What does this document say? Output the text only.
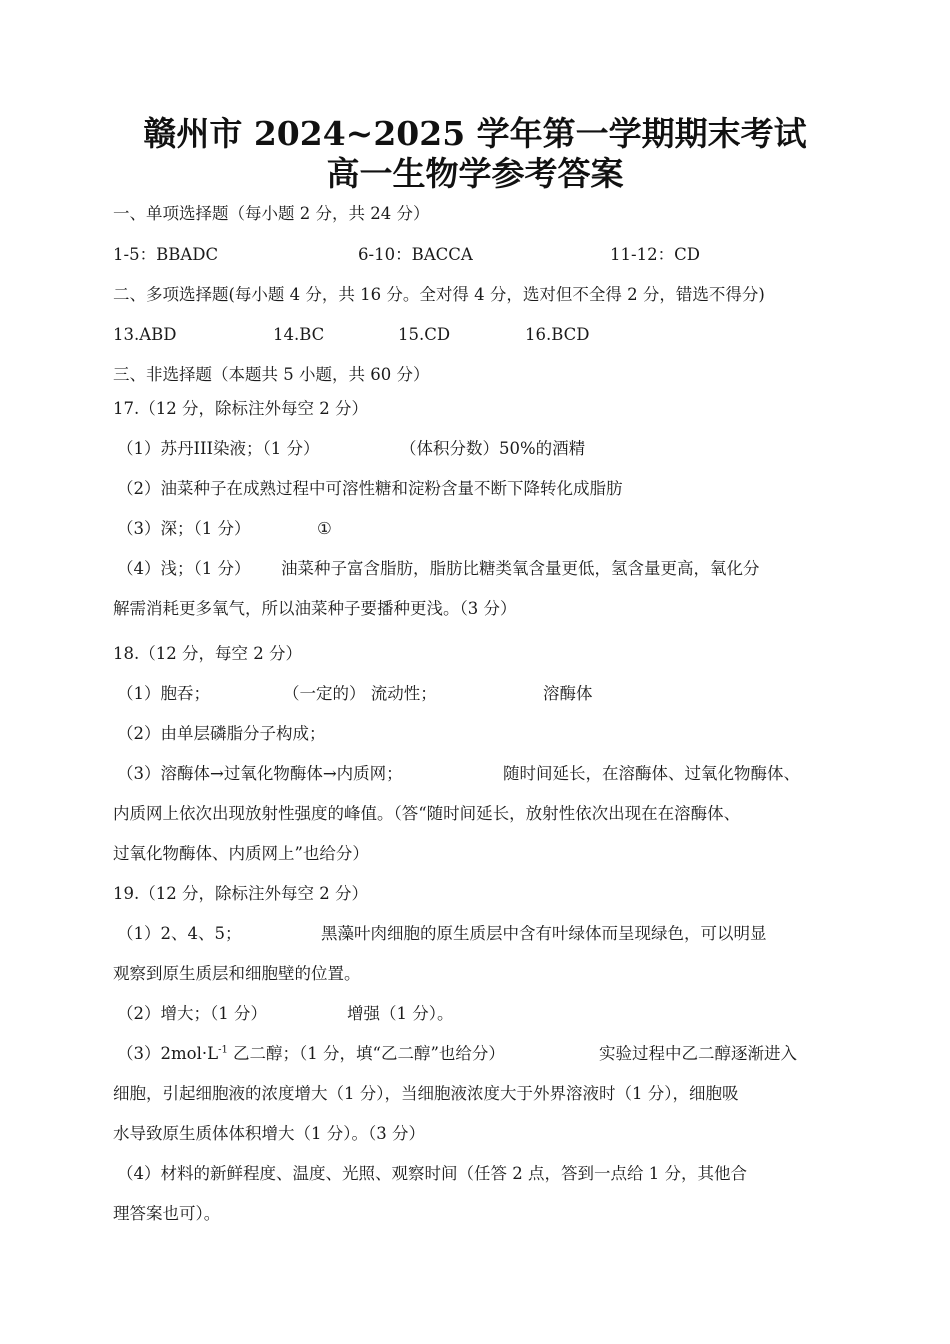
赣州市 2024~2025 学年第一学期期末考试
高一生物学参考答案
一、单项选择题（每小题 2 分，共 24 分）
1-5：BBADC	6-10：BACCA	11-12：CD
二、多项选择题(每小题 4 分，共 16 分。全对得 4 分，选对但不全得 2 分，错选不得分)
13.ABD	14.BC	15.CD	16.BCD
三、非选择题（本题共 5 小题，共 60 分）
17.（12 分，除标注外每空 2 分）
（1）苏丹III染液；（1 分）	（体积分数）50%的酒精
（2）油菜种子在成熟过程中可溶性糖和淀粉含量不断下降转化成脂肪
（3）深；（1 分）	①
（4）浅；（1 分） 油菜种子富含脂肪，脂肪比糖类氧含量更低，氢含量更高，氧化分
解需消耗更多氧气，所以油菜种子要播种更浅。（3 分）
18.（12 分，每空 2 分）
（1）胞吞；	（一定的） 流动性；	溶酶体
（2）由单层磷脂分子构成；
（3）溶酶体→过氧化物酶体→内质网；	随时间延长，在溶酶体、过氧化物酶体、
内质网上依次出现放射性强度的峰值。（答“随时间延长，放射性依次出现在在溶酶体、
过氧化物酶体、内质网上”也给分）
19.（12 分，除标注外每空 2 分）
（1）2、4、5；	黑藻叶肉细胞的原生质层中含有叶绿体而呈现绿色，可以明显
观察到原生质层和细胞壁的位置。
（2）增大；（1 分）	增强（1 分）。
$(3)2mol\cdot L^{-1}$ 乙二醇；（1 分，填“乙二醇”也给分）	实验过程中乙二醇逐渐进入
细胞，引起细胞液的浓度增大（1 分），当细胞液浓度大于外界溶液时（1 分），细胞吸
水导致原生质体体积增大（1 分）。（3 分）
（4）材料的新鲜程度、温度、光照、观察时间（任答 2 点，答到一点给 1 分，其他合
理答案也可）。
